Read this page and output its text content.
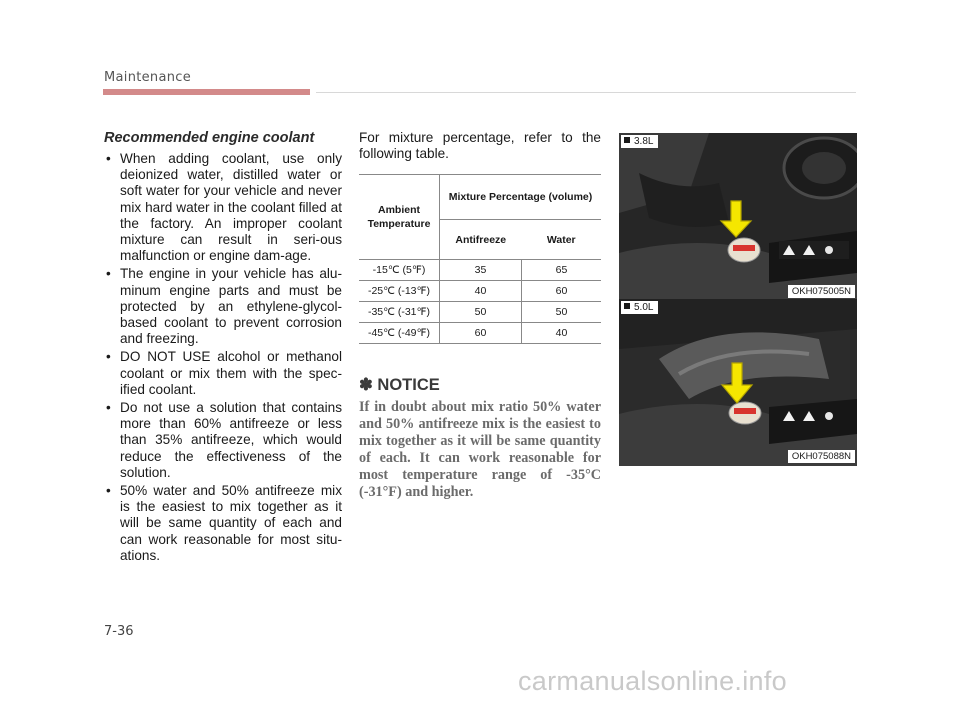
Maintenance
Recommended engine coolant
• When adding coolant, use only deionized water, distilled water or soft water for your vehicle and never mix hard water in the coolant filled at the factory. An improper coolant mixture can result in seri-ous malfunction or engine dam-age.
• The engine in your vehicle has alu-minum engine parts and must be protected by an ethylene-glycol-based coolant to prevent corrosion and freezing.
• DO NOT USE alcohol or methanol coolant or mix them with the spec-ified coolant.
• Do not use a solution that contains more than 60% antifreeze or less than 35% antifreeze, which would reduce the effectiveness of the solution.
• 50% water and 50% antifreeze mix is the easiest to mix together as it will be same quantity of each and can work reasonable for most situ-ations.

For mixture percentage, refer to the following table.

Ambient Temperature	Mixture Percentage (volume)	
	Antifreeze	Water
-15℃ (5℉)	35	65
-25℃ (-13℉)	40	60
-35℃ (-31℉)	50	50
-45℃ (-49℉)	60	40
✽ NOTICE

If in doubt about mix ratio 50% water and 50% antifreeze mix is the easiest to mix together as it will be same quantity of each. It can work reasonable for most temperature range of -35°C (-31°F) and higher.

3.8L
OKH075005N
5.0L
OKH075088N
7-36
carmanualsonline.info
